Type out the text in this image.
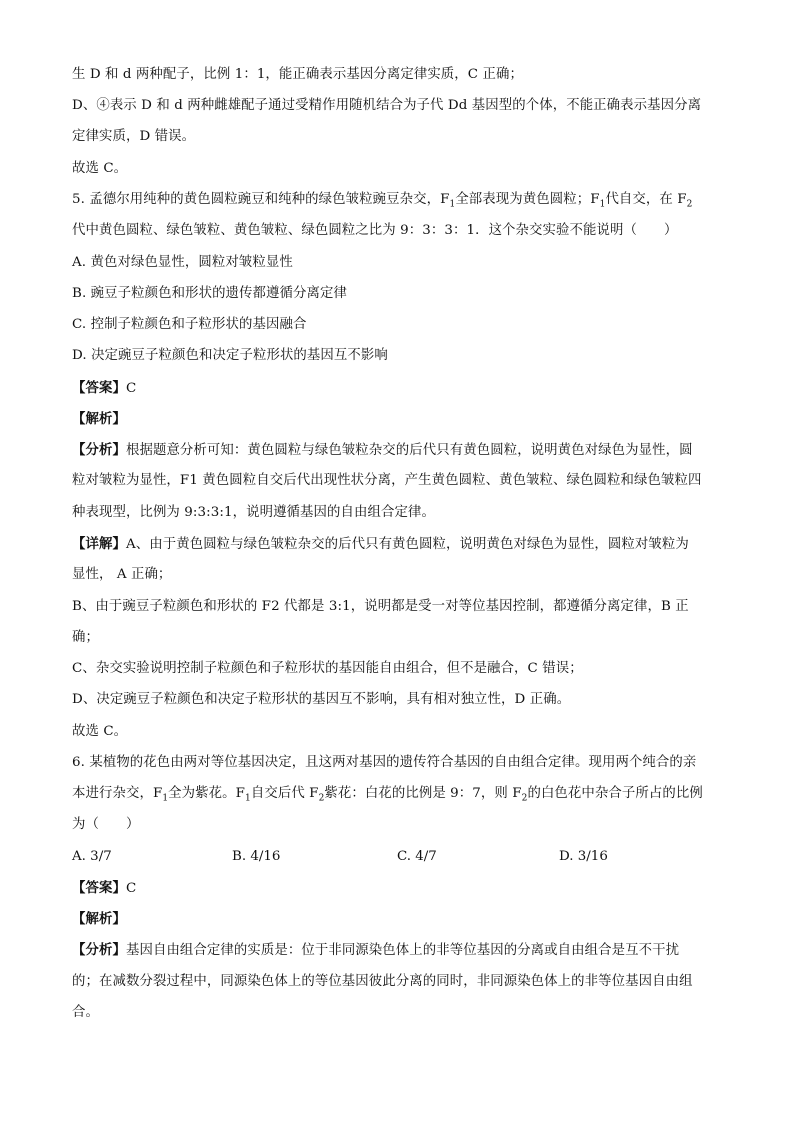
生 D 和 d 两种配子，比例 1：1，能正确表示基因分离定律实质，C 正确；
D、④表示 D 和 d 两种雌雄配子通过受精作用随机结合为子代 Dd 基因型的个体，不能正确表示基因分离
定律实质，D 错误。
故选 C。
5. 孟德尔用纯种的黄色圆粒豌豆和纯种的绿色皱粒豌豆杂交，$F_1$全部表现为黄色圆粒；$F_1$代自交，在 $F_2$
代中黄色圆粒、绿色皱粒、黄色皱粒、绿色圆粒之比为 9：3：3：1．这个杂交实验不能说明（　　）
A. 黄色对绿色显性，圆粒对皱粒显性
B. 豌豆子粒颜色和形状的遗传都遵循分离定律
C. 控制子粒颜色和子粒形状的基因融合
D. 决定豌豆子粒颜色和决定子粒形状的基因互不影响
【答案】C
【解析】
【分析】根据题意分析可知：黄色圆粒与绿色皱粒杂交的后代只有黄色圆粒，说明黄色对绿色为显性，圆
粒对皱粒为显性，F1 黄色圆粒自交后代出现性状分离，产生黄色圆粒、黄色皱粒、绿色圆粒和绿色皱粒四
种表现型，比例为 9:3:3:1，说明遵循基因的自由组合定律。
【详解】A、由于黄色圆粒与绿色皱粒杂交的后代只有黄色圆粒，说明黄色对绿色为显性，圆粒对皱粒为
显性， A 正确；
B、由于豌豆子粒颜色和形状的 F2 代都是 3:1，说明都是受一对等位基因控制，都遵循分离定律，B 正
确；
C、杂交实验说明控制子粒颜色和子粒形状的基因能自由组合，但不是融合，C 错误；
D、决定豌豆子粒颜色和决定子粒形状的基因互不影响，具有相对独立性，D 正确。
故选 C。
6. 某植物的花色由两对等位基因决定，且这两对基因的遗传符合基因的自由组合定律。现用两个纯合的亲
本进行杂交，$F_1$全为紫花。$F_1$自交后代 $F_2$紫花：白花的比例是 9：7，则 $F_2$的白色花中杂合子所占的比例
为（　　）
A. 3/7	B. 4/16	C. 4/7	D. 3/16
【答案】C
【解析】
【分析】基因自由组合定律的实质是：位于非同源染色体上的非等位基因的分离或自由组合是互不干扰
的；在减数分裂过程中，同源染色体上的等位基因彼此分离的同时，非同源染色体上的非等位基因自由组
合。
